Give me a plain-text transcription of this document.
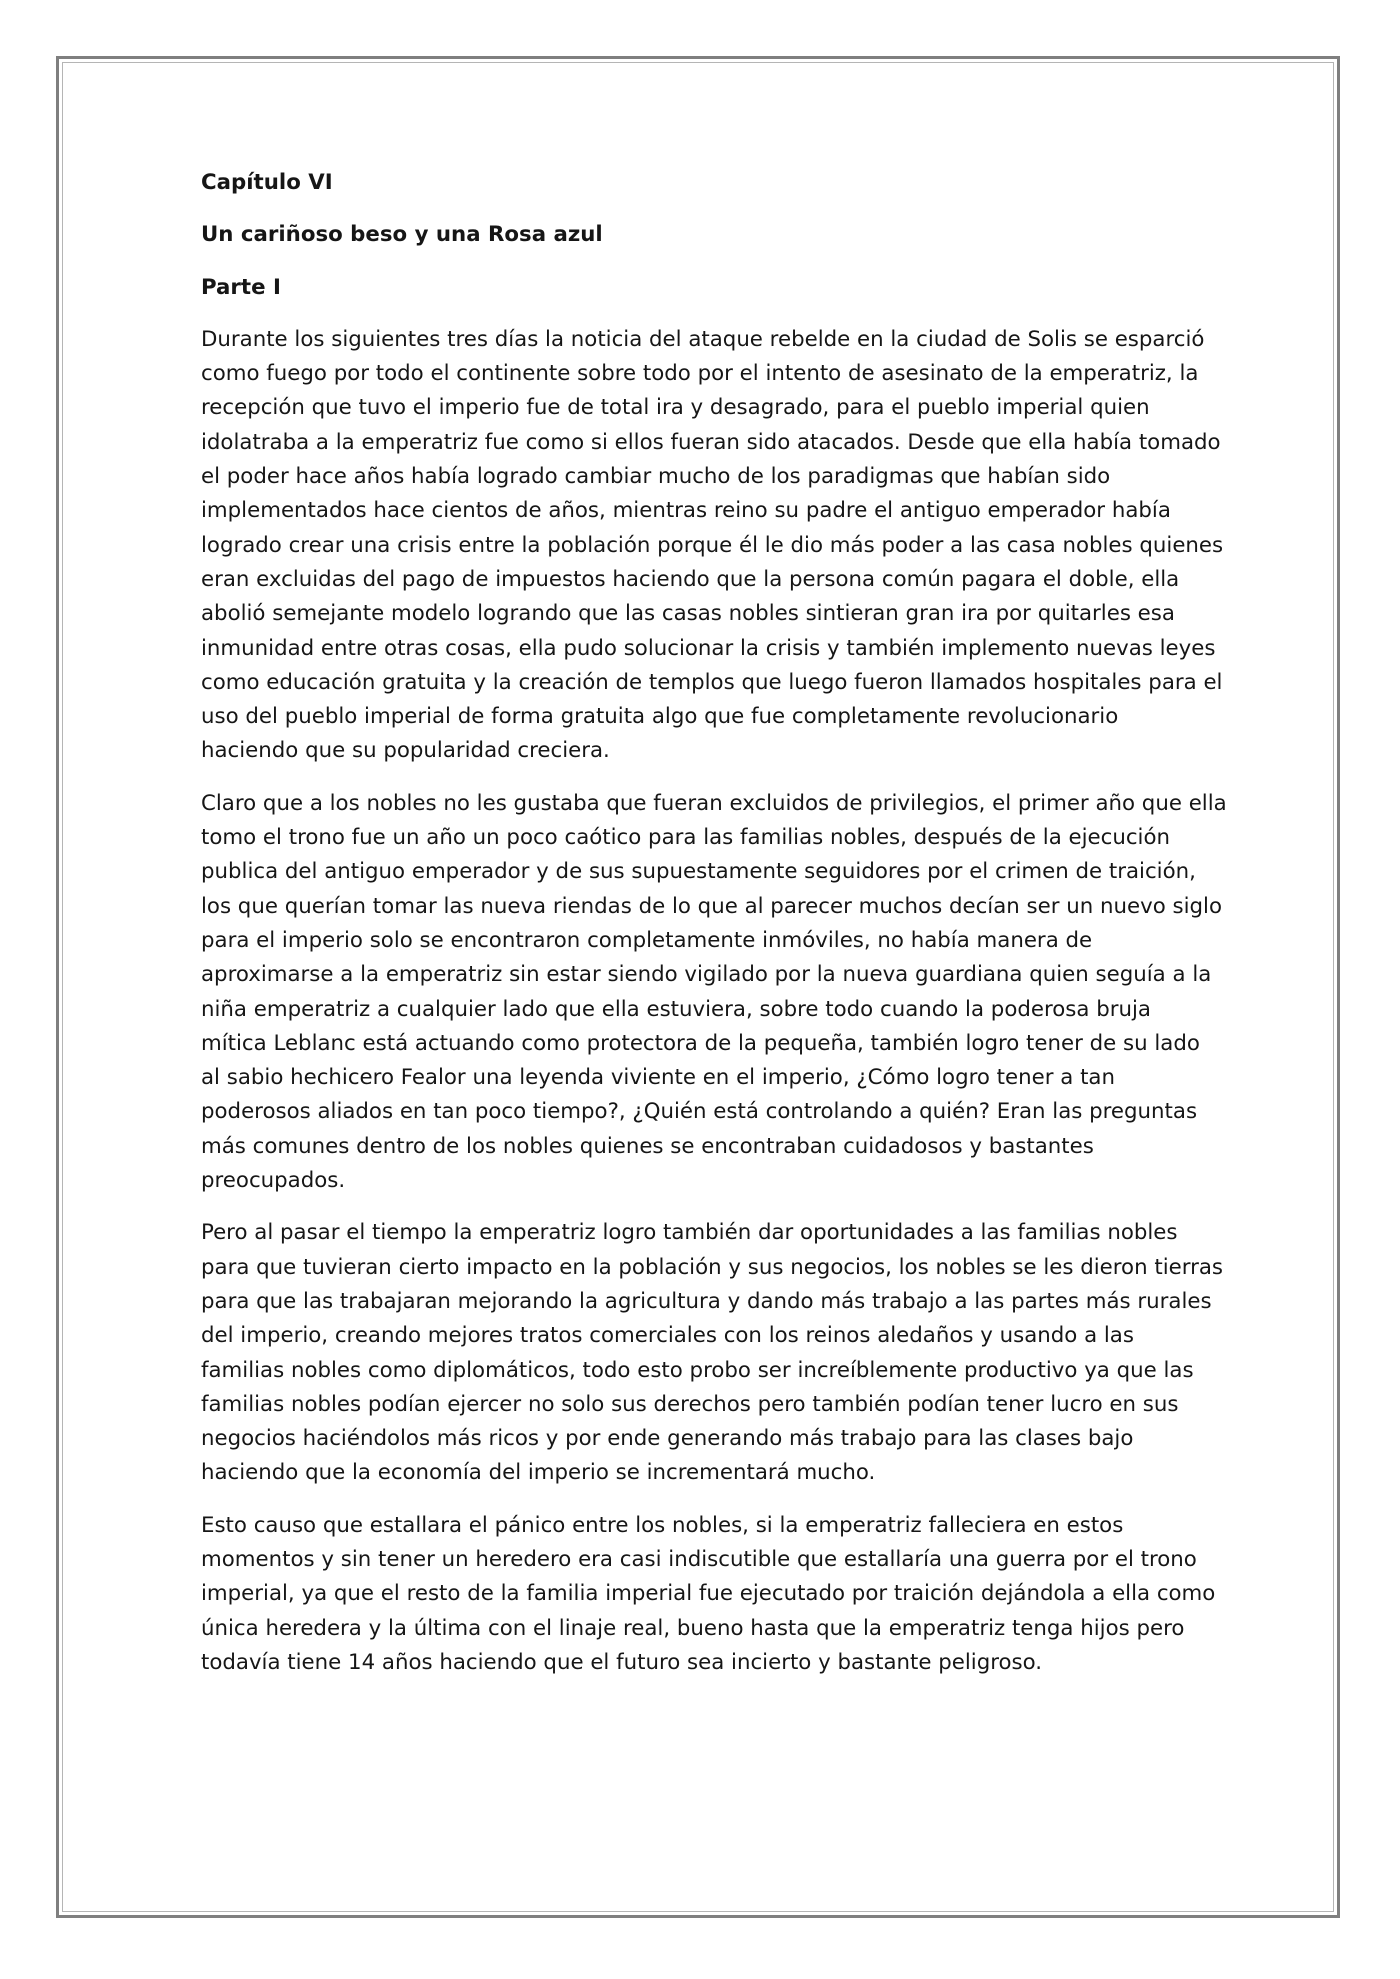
Capítulo VI
Un cariñoso beso y una Rosa azul
Parte I
Durante los siguientes tres días la noticia del ataque rebelde en la ciudad de Solis se esparció
como fuego por todo el continente sobre todo por el intento de asesinato de la emperatriz, la
recepción que tuvo el imperio fue de total ira y desagrado, para el pueblo imperial quien
idolatraba a la emperatriz fue como si ellos fueran sido atacados. Desde que ella había tomado
el poder hace años había logrado cambiar mucho de los paradigmas que habían sido
implementados hace cientos de años, mientras reino su padre el antiguo emperador había
logrado crear una crisis entre la población porque él le dio más poder a las casa nobles quienes
eran excluidas del pago de impuestos haciendo que la persona común pagara el doble, ella
abolió semejante modelo logrando que las casas nobles sintieran gran ira por quitarles esa
inmunidad entre otras cosas, ella pudo solucionar la crisis y también implemento nuevas leyes
como educación gratuita y la creación de templos que luego fueron llamados hospitales para el
uso del pueblo imperial de forma gratuita algo que fue completamente revolucionario
haciendo que su popularidad creciera.
Claro que a los nobles no les gustaba que fueran excluidos de privilegios, el primer año que ella
tomo el trono fue un año un poco caótico para las familias nobles, después de la ejecución
publica del antiguo emperador y de sus supuestamente seguidores por el crimen de traición,
los que querían tomar las nueva riendas de lo que al parecer muchos decían ser un nuevo siglo
para el imperio solo se encontraron completamente inmóviles, no había manera de
aproximarse a la emperatriz sin estar siendo vigilado por la nueva guardiana quien seguía a la
niña emperatriz a cualquier lado que ella estuviera, sobre todo cuando la poderosa bruja
mítica Leblanc está actuando como protectora de la pequeña, también logro tener de su lado
al sabio hechicero Fealor una leyenda viviente en el imperio, ¿Cómo logro tener a tan
poderosos aliados en tan poco tiempo?, ¿Quién está controlando a quién? Eran las preguntas
más comunes dentro de los nobles quienes se encontraban cuidadosos y bastantes
preocupados.
Pero al pasar el tiempo la emperatriz logro también dar oportunidades a las familias nobles
para que tuvieran cierto impacto en la población y sus negocios, los nobles se les dieron tierras
para que las trabajaran mejorando la agricultura y dando más trabajo a las partes más rurales
del imperio, creando mejores tratos comerciales con los reinos aledaños y usando a las
familias nobles como diplomáticos, todo esto probo ser increíblemente productivo ya que las
familias nobles podían ejercer no solo sus derechos pero también podían tener lucro en sus
negocios haciéndolos más ricos y por ende generando más trabajo para las clases bajo
haciendo que la economía del imperio se incrementará mucho.
Esto causo que estallara el pánico entre los nobles, si la emperatriz falleciera en estos
momentos y sin tener un heredero era casi indiscutible que estallaría una guerra por el trono
imperial, ya que el resto de la familia imperial fue ejecutado por traición dejándola a ella como
única heredera y la última con el linaje real, bueno hasta que la emperatriz tenga hijos pero
todavía tiene 14 años haciendo que el futuro sea incierto y bastante peligroso.
